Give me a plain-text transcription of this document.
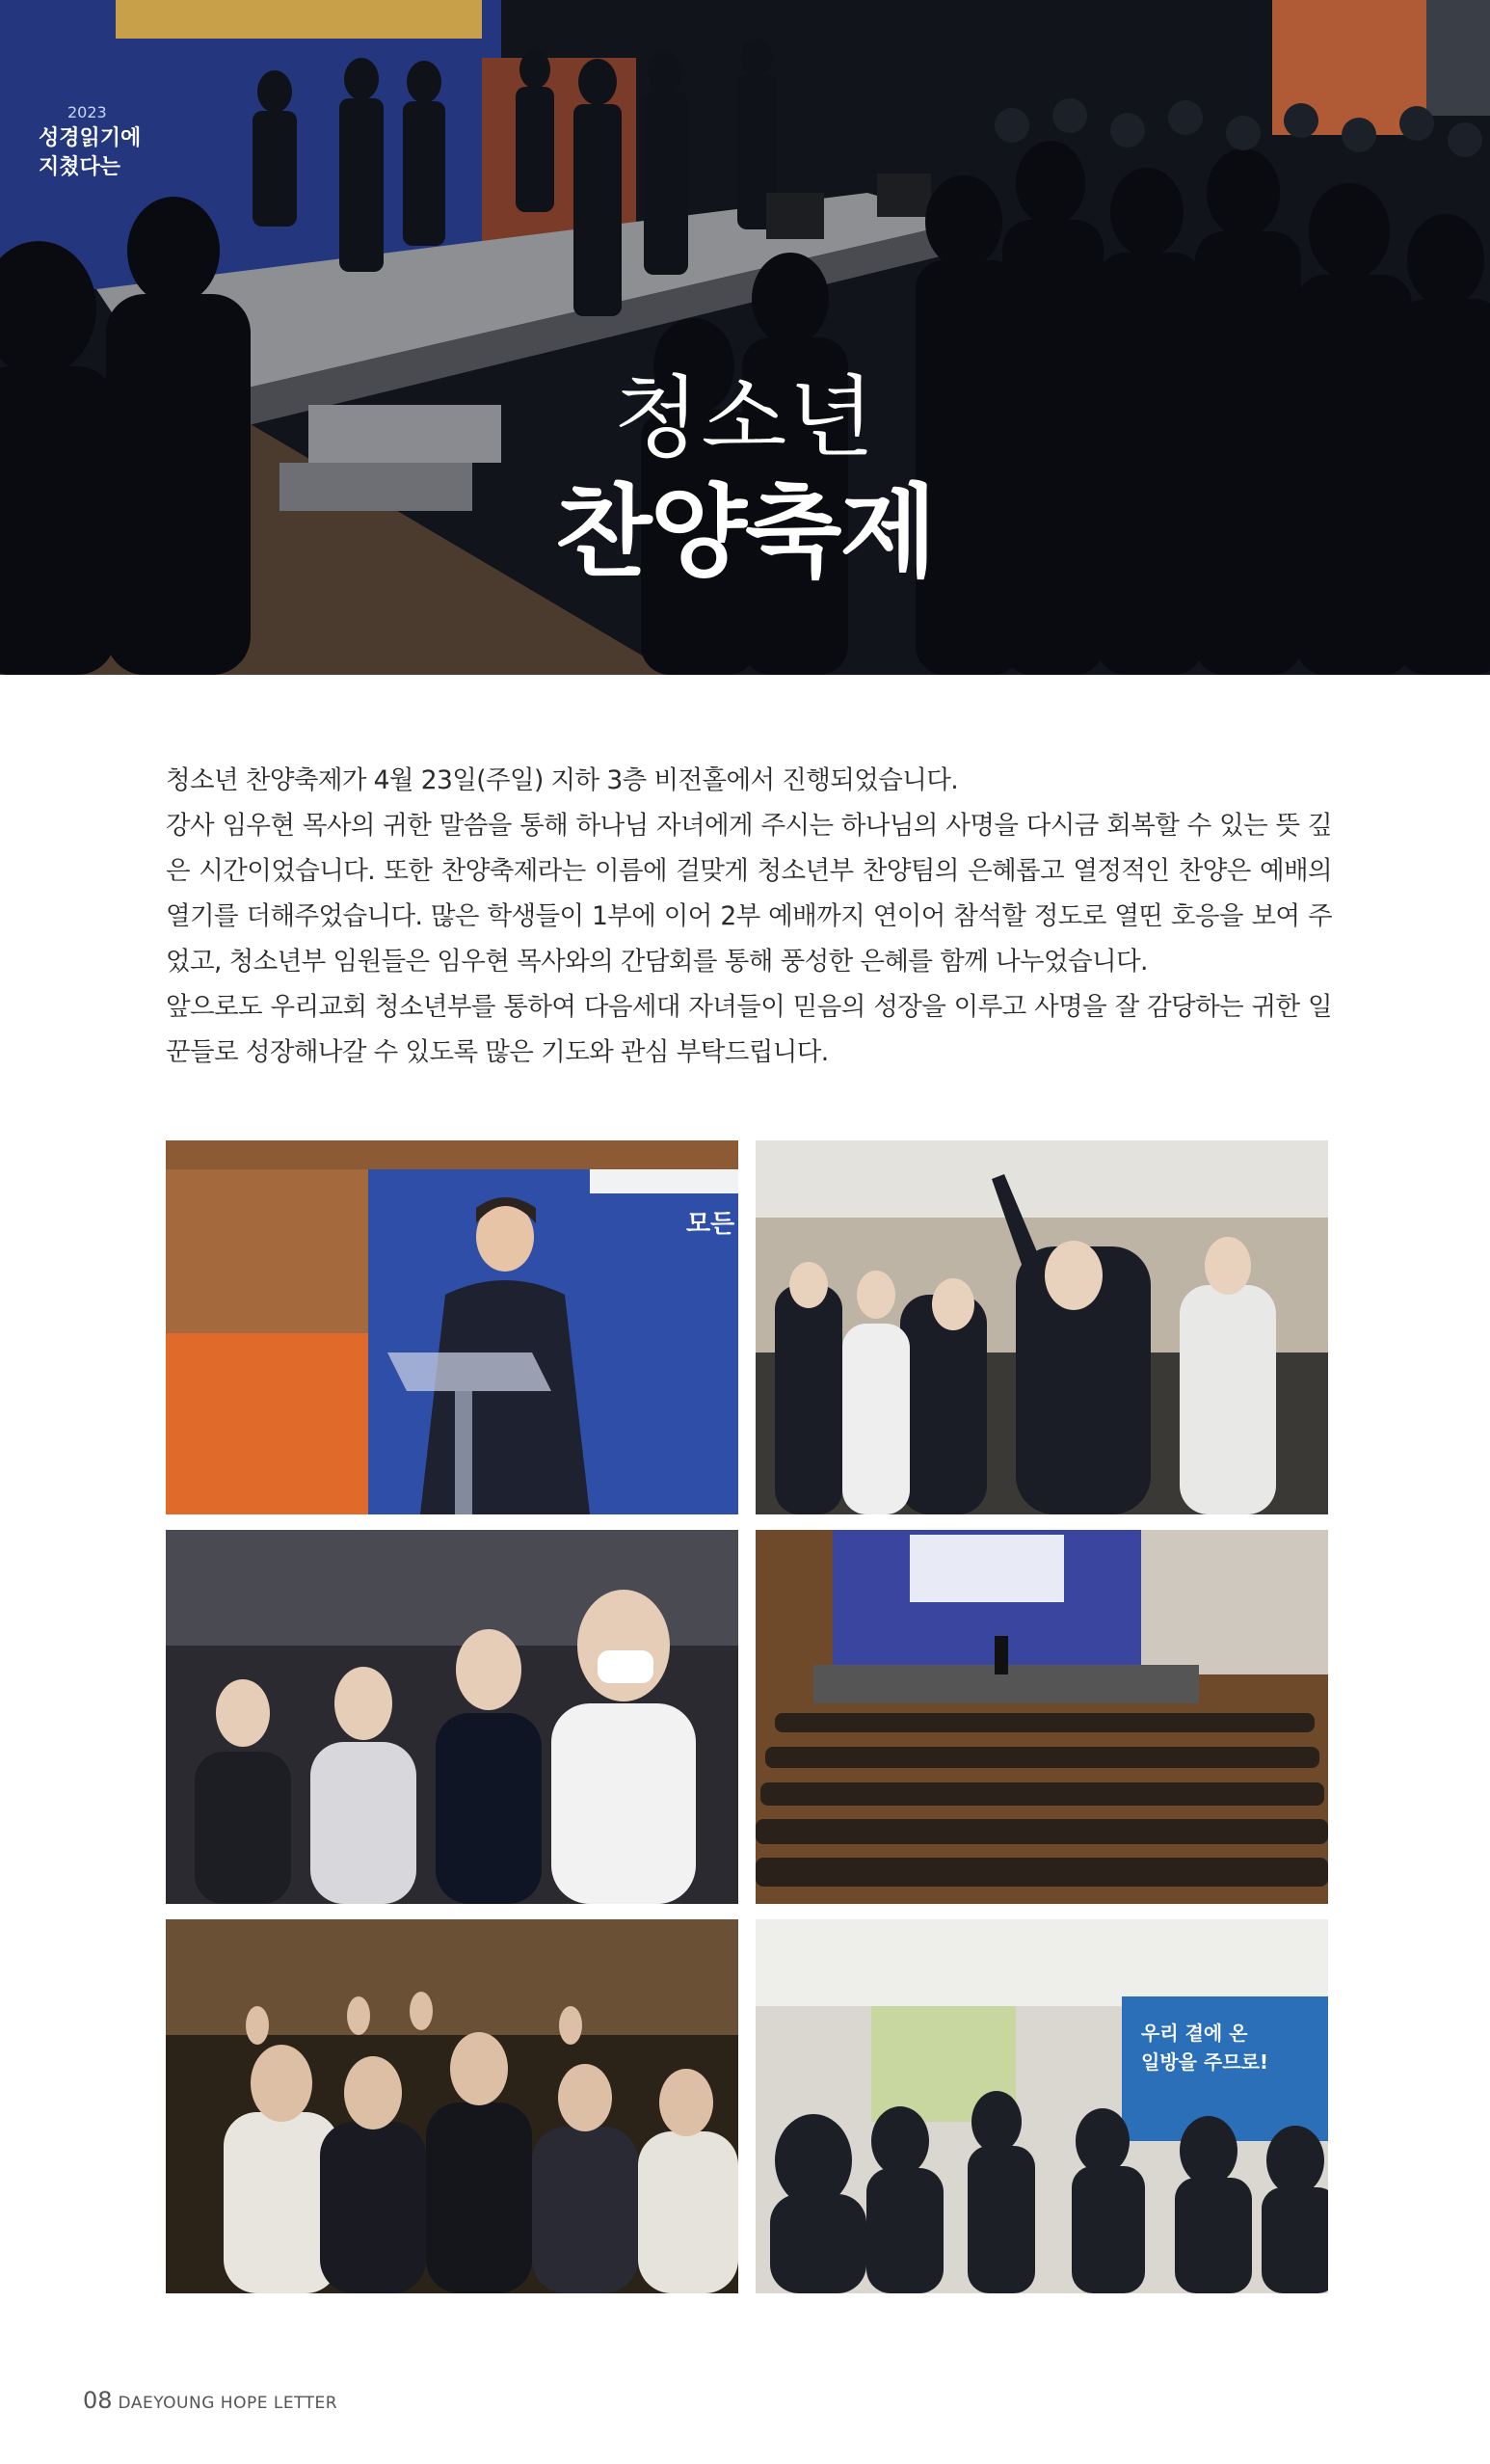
2023
성경읽기에
지쳤다는
청소년
찬양축제

청소년 찬양축제가 4월 23일(주일) 지하 3층 비전홀에서 진행되었습니다.

강사 임우현 목사의 귀한 말씀을 통해 하나님 자녀에게 주시는 하나님의 사명을 다시금 회복할 수 있는 뜻 깊은 시간이었습니다. 또한 찬양축제라는 이름에 걸맞게 청소년부 찬양팀의 은혜롭고 열정적인 찬양은 예배의 열기를 더해주었습니다. 많은 학생들이 1부에 이어 2부 예배까지 연이어 참석할 정도로 열띤 호응을 보여 주었고, 청소년부 임원들은 임우현 목사와의 간담회를 통해 풍성한 은혜를 함께 나누었습니다.

앞으로도 우리교회 청소년부를 통하여 다음세대 자녀들이 믿음의 성장을 이루고 사명을 잘 감당하는 귀한 일꾼들로 성장해나갈 수 있도록 많은 기도와 관심 부탁드립니다.

모든
우리 곁에 온
일방을 주므로!
08 DAEYOUNG HOPE LETTER
